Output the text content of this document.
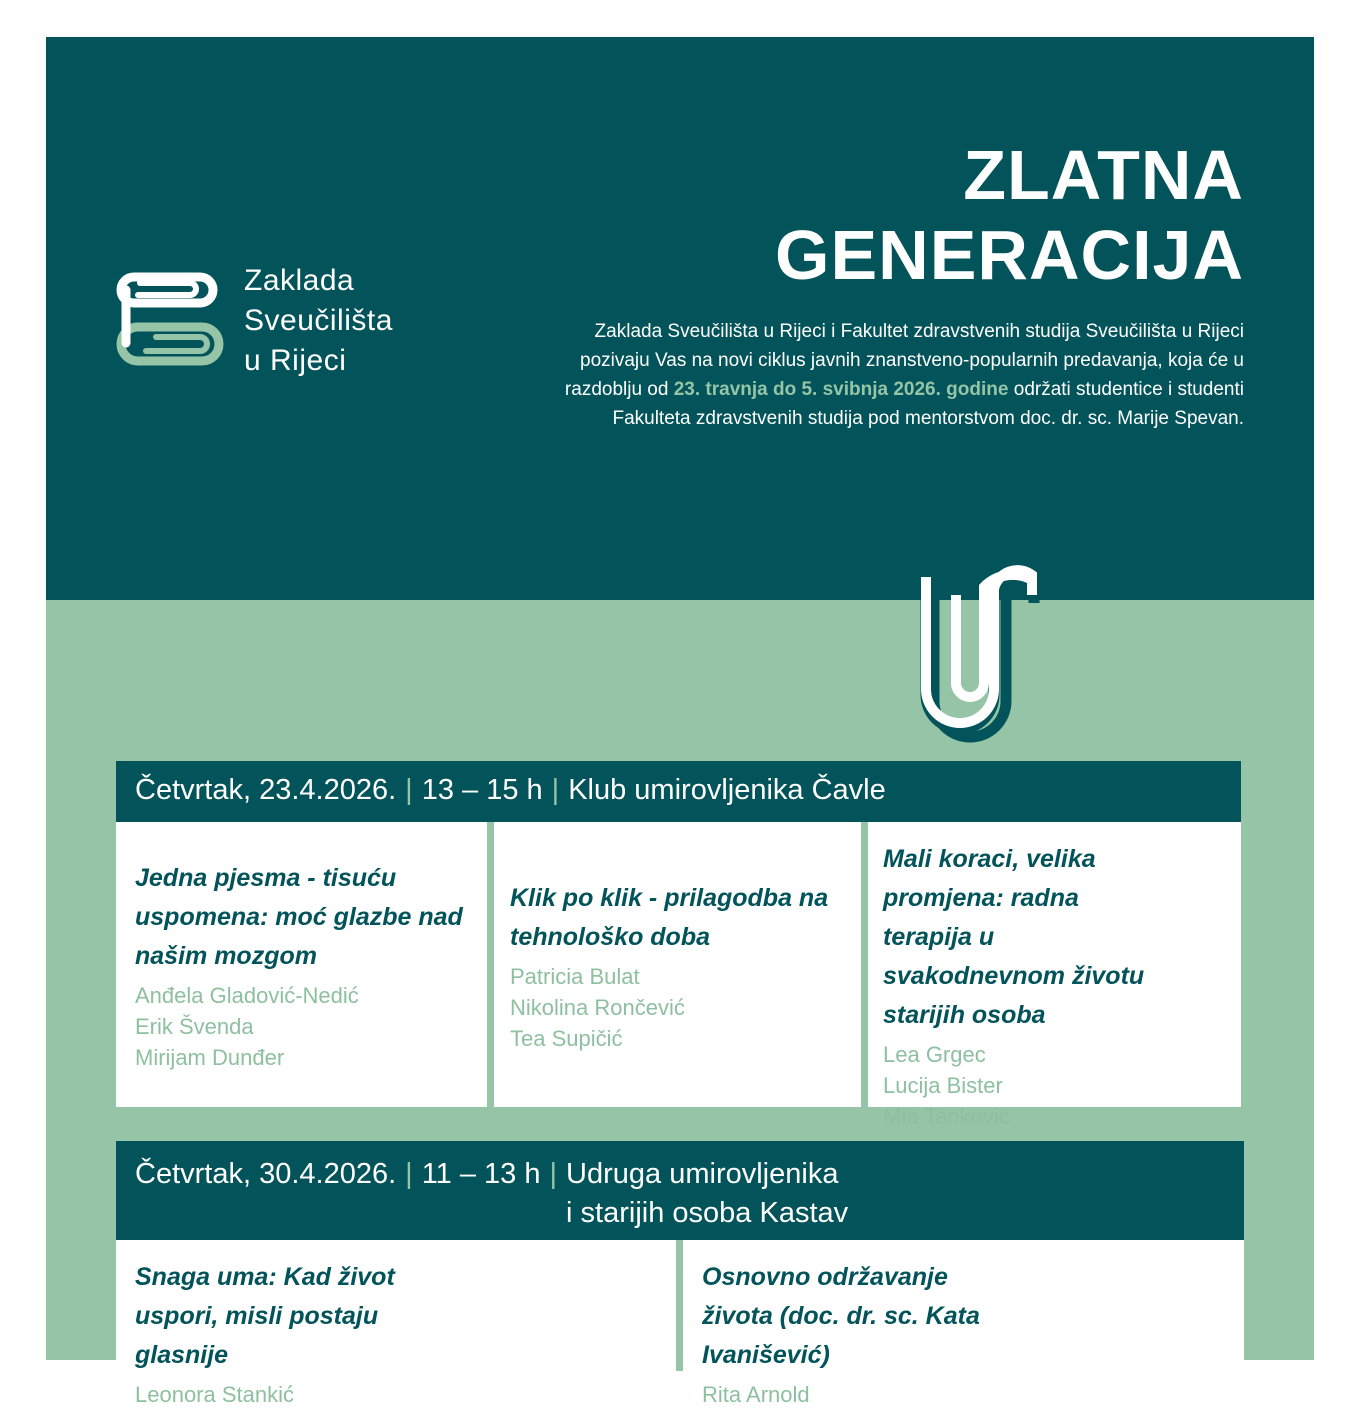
Zaklada
Sveučilišta
u Rijeci
ZLATNA
GENERACIJA
Zaklada Sveučilišta u Rijeci i Fakultet zdravstvenih studija Sveučilišta u Rijeci pozivaju Vas na novi ciklus javnih znanstveno-popularnih predavanja, koja će u razdoblju od 23. travnja do 5. svibnja 2026. godine održati studentice i studenti Fakulteta zdravstvenih studija pod mentorstvom doc. dr. sc. Marije Spevan.
Četvrtak, 23.4.2026. | 13 – 15 h | Klub umirovljenika Čavle
Jedna pjesma - tisuću uspomena: moć glazbe nad našim mozgom
Anđela Gladović-Nedić
Erik Švenda
Mirijam Dunđer
Klik po klik - prilagodba na tehnološko doba
Patricia Bulat
Nikolina Rončević
Tea Supičić
Mali koraci, velika promjena: radna terapija u svakodnevnom životu starijih osoba
Lea Grgec
Lucija Bister
Mia Tanković
Četvrtak, 30.4.2026. | 11 – 13 h | Udruga umirovljenika
i starijih osoba Kastav
Snaga uma: Kad život uspori, misli postaju glasnije
Leonora Stankić
Osnovno održavanje života (doc. dr. sc. Kata Ivanišević)
Rita Arnold
